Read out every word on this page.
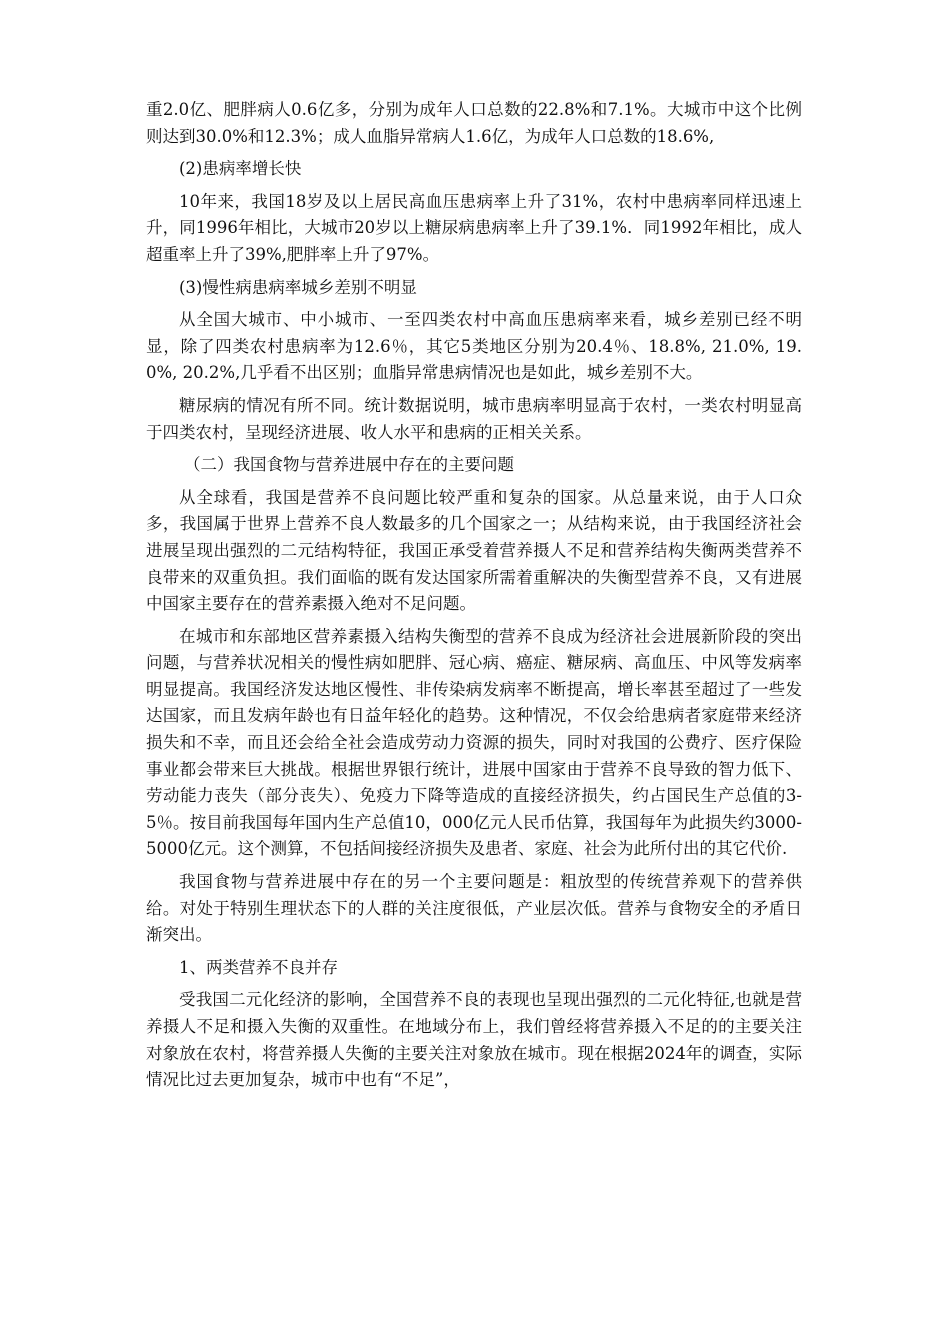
重2.0亿、肥胖病人0.6亿多，分别为成年人口总数的22.8%和7.1%。大城市中这个比例则达到30.0%和12.3%；成人血脂异常病人1.6亿，为成年人口总数的18.6%,

(2)患病率增长快

10年来，我国18岁及以上居民高血压患病率上升了31%，农村中患病率同样迅速上升，同1996年相比，大城市20岁以上糖尿病患病率上升了39.1%．同1992年相比，成人超重率上升了39%,肥胖率上升了97%。

(3)慢性病患病率城乡差别不明显

从全国大城市、中小城市、一至四类农村中高血压患病率来看，城乡差别已经不明显，除了四类农村患病率为12.6％，其它5类地区分别为20.4％、18.8%, 21.0%, 19.0%, 20.2%,几乎看不出区别；血脂异常患病情况也是如此，城乡差别不大。

糖尿病的情况有所不同。统计数据说明，城市患病率明显高于农村，一类农村明显高于四类农村，呈现经济进展、收人水平和患病的正相关关系。

（二）我国食物与营养进展中存在的主要问题

从全球看，我国是营养不良问题比较严重和复杂的国家。从总量来说，由于人口众多，我国属于世界上营养不良人数最多的几个国家之一；从结构来说，由于我国经济社会进展呈现出强烈的二元结构特征，我国正承受着营养摄人不足和营养结构失衡两类营养不良带来的双重负担。我们面临的既有发达国家所需着重解决的失衡型营养不良，又有进展中国家主要存在的营养素摄入绝对不足问题。

在城市和东部地区营养素摄入结构失衡型的营养不良成为经济社会进展新阶段的突出问题，与营养状况相关的慢性病如肥胖、冠心病、癌症、糖尿病、高血压、中风等发病率明显提高。我国经济发达地区慢性、非传染病发病率不断提高，增长率甚至超过了一些发达国家，而且发病年龄也有日益年轻化的趋势。这种情况，不仅会给患病者家庭带来经济损失和不幸，而且还会给全社会造成劳动力资源的损失，同时对我国的公费疗、医疗保险事业都会带来巨大挑战。根据世界银行统计，进展中国家由于营养不良导致的智力低下、劳动能力丧失（部分丧失）、免疫力下降等造成的直接经济损失，约占国民生产总值的3-5％。按目前我国每年国内生产总值10，000亿元人民币估算，我国每年为此损失约3000-5000亿元。这个测算，不包括间接经济损失及患者、家庭、社会为此所付出的其它代价.

我国食物与营养进展中存在的另一个主要问题是：粗放型的传统营养观下的营养供给。对处于特别生理状态下的人群的关注度很低，产业层次低。营养与食物安全的矛盾日渐突出。

1、两类营养不良并存

受我国二元化经济的影响，全国营养不良的表现也呈现出强烈的二元化特征,也就是营养摄人不足和摄入失衡的双重性。在地域分布上，我们曾经将营养摄入不足的的主要关注对象放在农村，将营养摄人失衡的主要关注对象放在城市。现在根据2024年的调查，实际情况比过去更加复杂，城市中也有“不足”，
